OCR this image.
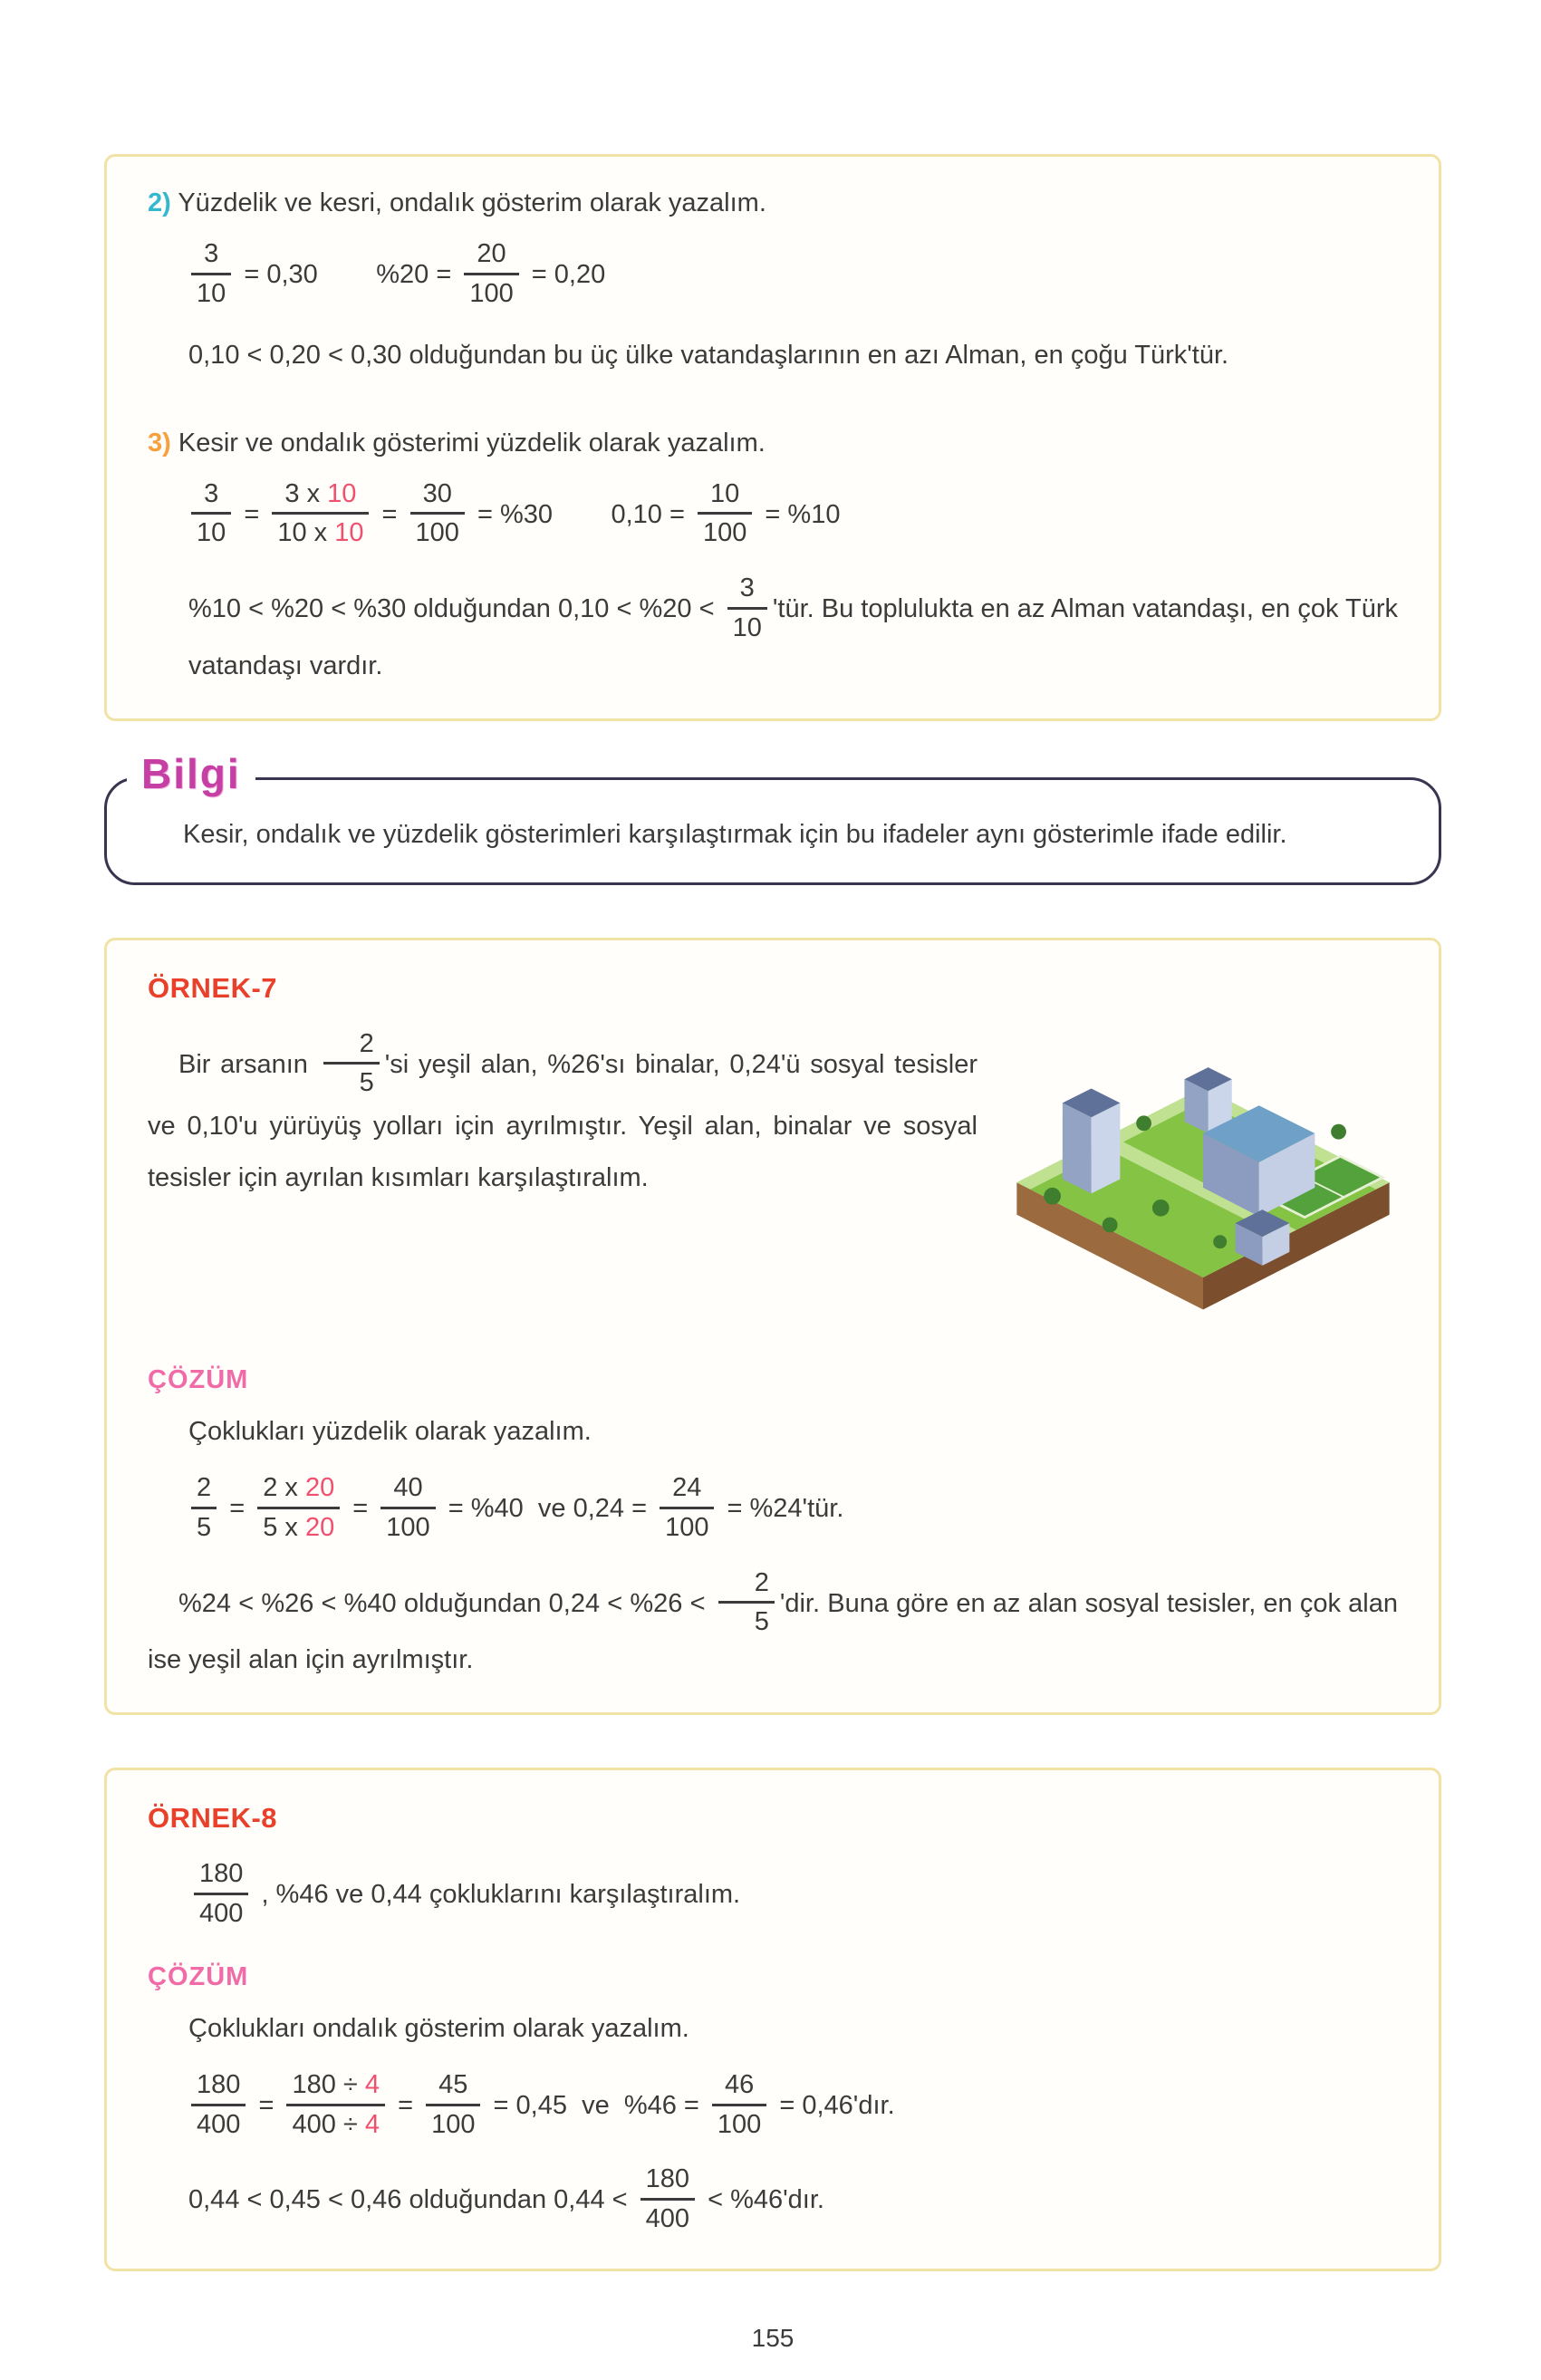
2) Yüzdelik ve kesri, ondalık gösterim olarak yazalım.

$\frac{3}{10} = 0,30$        $\%20 = \frac{20}{100} = 0,20$

0,10 < 0,20 < 0,30 olduğundan bu üç ülke vatandaşlarının en azı Alman, en çoğu Türk'tür.

3) Kesir ve ondalık gösterimi yüzdelik olarak yazalım.

$\frac{3}{10} = \frac{3 x 10}{10 x 10} = \frac{30}{100} = \%30$        $0,10 = \frac{10}{100} = \%10$

%10 < %20 < %30 olduğundan $0,10 < \%20 < \frac{3}{10}$ 'tür. Bu toplulukta en az Alman vatandaşı, en çok Türk vatandaşı vardır.

Bilgi

Kesir, ondalık ve yüzdelik gösterimleri karşılaştırmak için bu ifadeler aynı gösterimle ifade edilir.

ÖRNEK-7

Bir arsanın $\frac{2}{5}$ 'si yeşil alan, %26'sı binalar, 0,24'ü sosyal tesisler ve 0,10'u yürüyüş yolları için ayrılmıştır. Yeşil alan, binalar ve sosyal tesisler için ayrılan kısımları karşılaştıralım.

ÇÖZÜM

Çoklukları yüzdelik olarak yazalım.

$\frac{2}{5} = \frac{2 x 20}{5 x 20} = \frac{40}{100} = \%40$  ve $0,24 = \frac{24}{100}$ = %24'tür.

%24 < %26 < %40 olduğundan $0,24 < \%26 < \frac{2}{5}$ 'dir. Buna göre en az alan sosyal tesisler, en çok alan ise yeşil alan için ayrılmıştır.

ÖRNEK-8

$\frac{180}{400}$ , %46 ve 0,44 çokluklarını karşılaştıralım.

ÇÖZÜM

Çoklukları ondalık gösterim olarak yazalım.

$\frac{180}{400} = \frac{180 \div 4}{400 \div 4} = \frac{45}{100} = 0,45$  ve  $\%46 = \frac{46}{100}$ = 0,46'dır.

0,44 < 0,45 < 0,46 olduğundan $0,44 < \frac{180}{400}$ < %46'dır.

155
